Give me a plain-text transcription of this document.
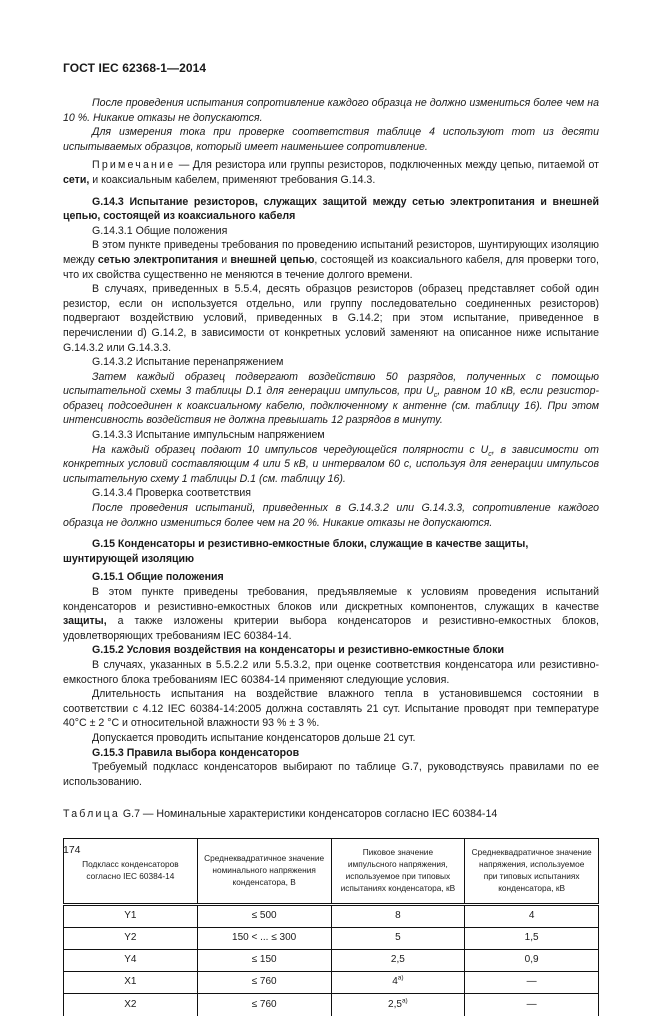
ГОСТ IEC 62368-1—2014

После проведения испытания сопротивление каждого образца не должно измениться более чем на 10 %. Никакие отказы не допускаются.

Для измерения тока при проверке соответствия таблице 4 используют тот из десяти испытываемых образцов, который имеет наименьшее сопротивление.

Примечание — Для резистора или группы резисторов, подключенных между цепью, питаемой от сети, и коаксиальным кабелем, применяют требования G.14.3.

G.14.3 Испытание резисторов, служащих защитой между сетью электропитания и внешней цепью, состоящей из коаксиального кабеля

G.14.3.1 Общие положения

В этом пункте приведены требования по проведению испытаний резисторов, шунтирующих изоляцию между сетью электропитания и внешней цепью, состоящей из коаксиального кабеля, для проверки того, что их свойства существенно не меняются в течение долгого времени.

В случаях, приведенных в 5.5.4, десять образцов резисторов (образец представляет собой один резистор, если он используется отдельно, или группу последовательно соединенных резисторов) подвергают воздействию условий, приведенных в G.14.2; при этом испытание, приведенное в перечислении d) G.14.2, в зависимости от конкретных условий заменяют на описанное ниже испытание G.14.3.2 или G.14.3.3.

G.14.3.2 Испытание перенапряжением

Затем каждый образец подвергают воздействию 50 разрядов, полученных с помощью испытательной схемы 3 таблицы D.1 для генерации импульсов, при $U_c$, равном 10 кВ, если резистор-образец подсоединен к коаксиальному кабелю, подключенному к антенне (см. таблицу 16). При этом интенсивность воздействия не должна превышать 12 разрядов в минуту.

G.14.3.3 Испытание импульсным напряжением

На каждый образец подают 10 импульсов чередующейся полярности с $U_c$, в зависимости от конкретных условий составляющим 4 или 5 кВ, и интервалом 60 с, используя для генерации импульсов испытательную схему 1 таблицы D.1 (см. таблицу 16).

G.14.3.4 Проверка соответствия

После проведения испытаний, приведенных в G.14.3.2 или G.14.3.3, сопротивление каждого образца не должно измениться более чем на 20 %. Никакие отказы не допускаются.

G.15 Конденсаторы и резистивно-емкостные блоки, служащие в качестве защиты,
шунтирующей изоляцию

G.15.1 Общие положения

В этом пункте приведены требования, предъявляемые к условиям проведения испытаний конденсаторов и резистивно-емкостных блоков или дискретных компонентов, служащих в качестве защиты, а также изложены критерии выбора конденсаторов и резистивно-емкостных блоков, удовлетворяющих требованиям IEC 60384-14.

G.15.2 Условия воздействия на конденсаторы и резистивно-емкостные блоки

В случаях, указанных в 5.5.2.2 или 5.5.3.2, при оценке соответствия конденсатора или резистивно-емкостного блока требованиям IEC 60384-14 применяют следующие условия.

Длительность испытания на воздействие влажного тепла в установившемся состоянии в соответствии с 4.12 IEC 60384-14:2005 должна составлять 21 сут. Испытание проводят при температуре 40°C ± 2 °C и относительной влажности 93 % ± 3 %.

Допускается проводить испытание конденсаторов дольше 21 сут.

G.15.3 Правила выбора конденсаторов

Требуемый подкласс конденсаторов выбирают по таблице G.7, руководствуясь правилами по ее использованию.

Таблица G.7 — Номинальные характеристики конденсаторов согласно IEC 60384-14

Подкласс конденсаторов согласно IEC 60384-14	Среднеквадратичное значение номинального напряжения конденсатора, В	Пиковое значение импульсного напряжения, используемое при типовых испытаниях конденсатора, кВ	Среднеквадратичное значение напряжения, используемое при типовых испытаниях конденсатора, кВ
Y1	≤ 500	8	4
Y2	150 < ... ≤ 300	5	1,5
Y4	≤ 150	2,5	0,9
X1	≤ 760	4$^{a)}$	—
X2	≤ 760	2,5$^{a)}$	—
174
